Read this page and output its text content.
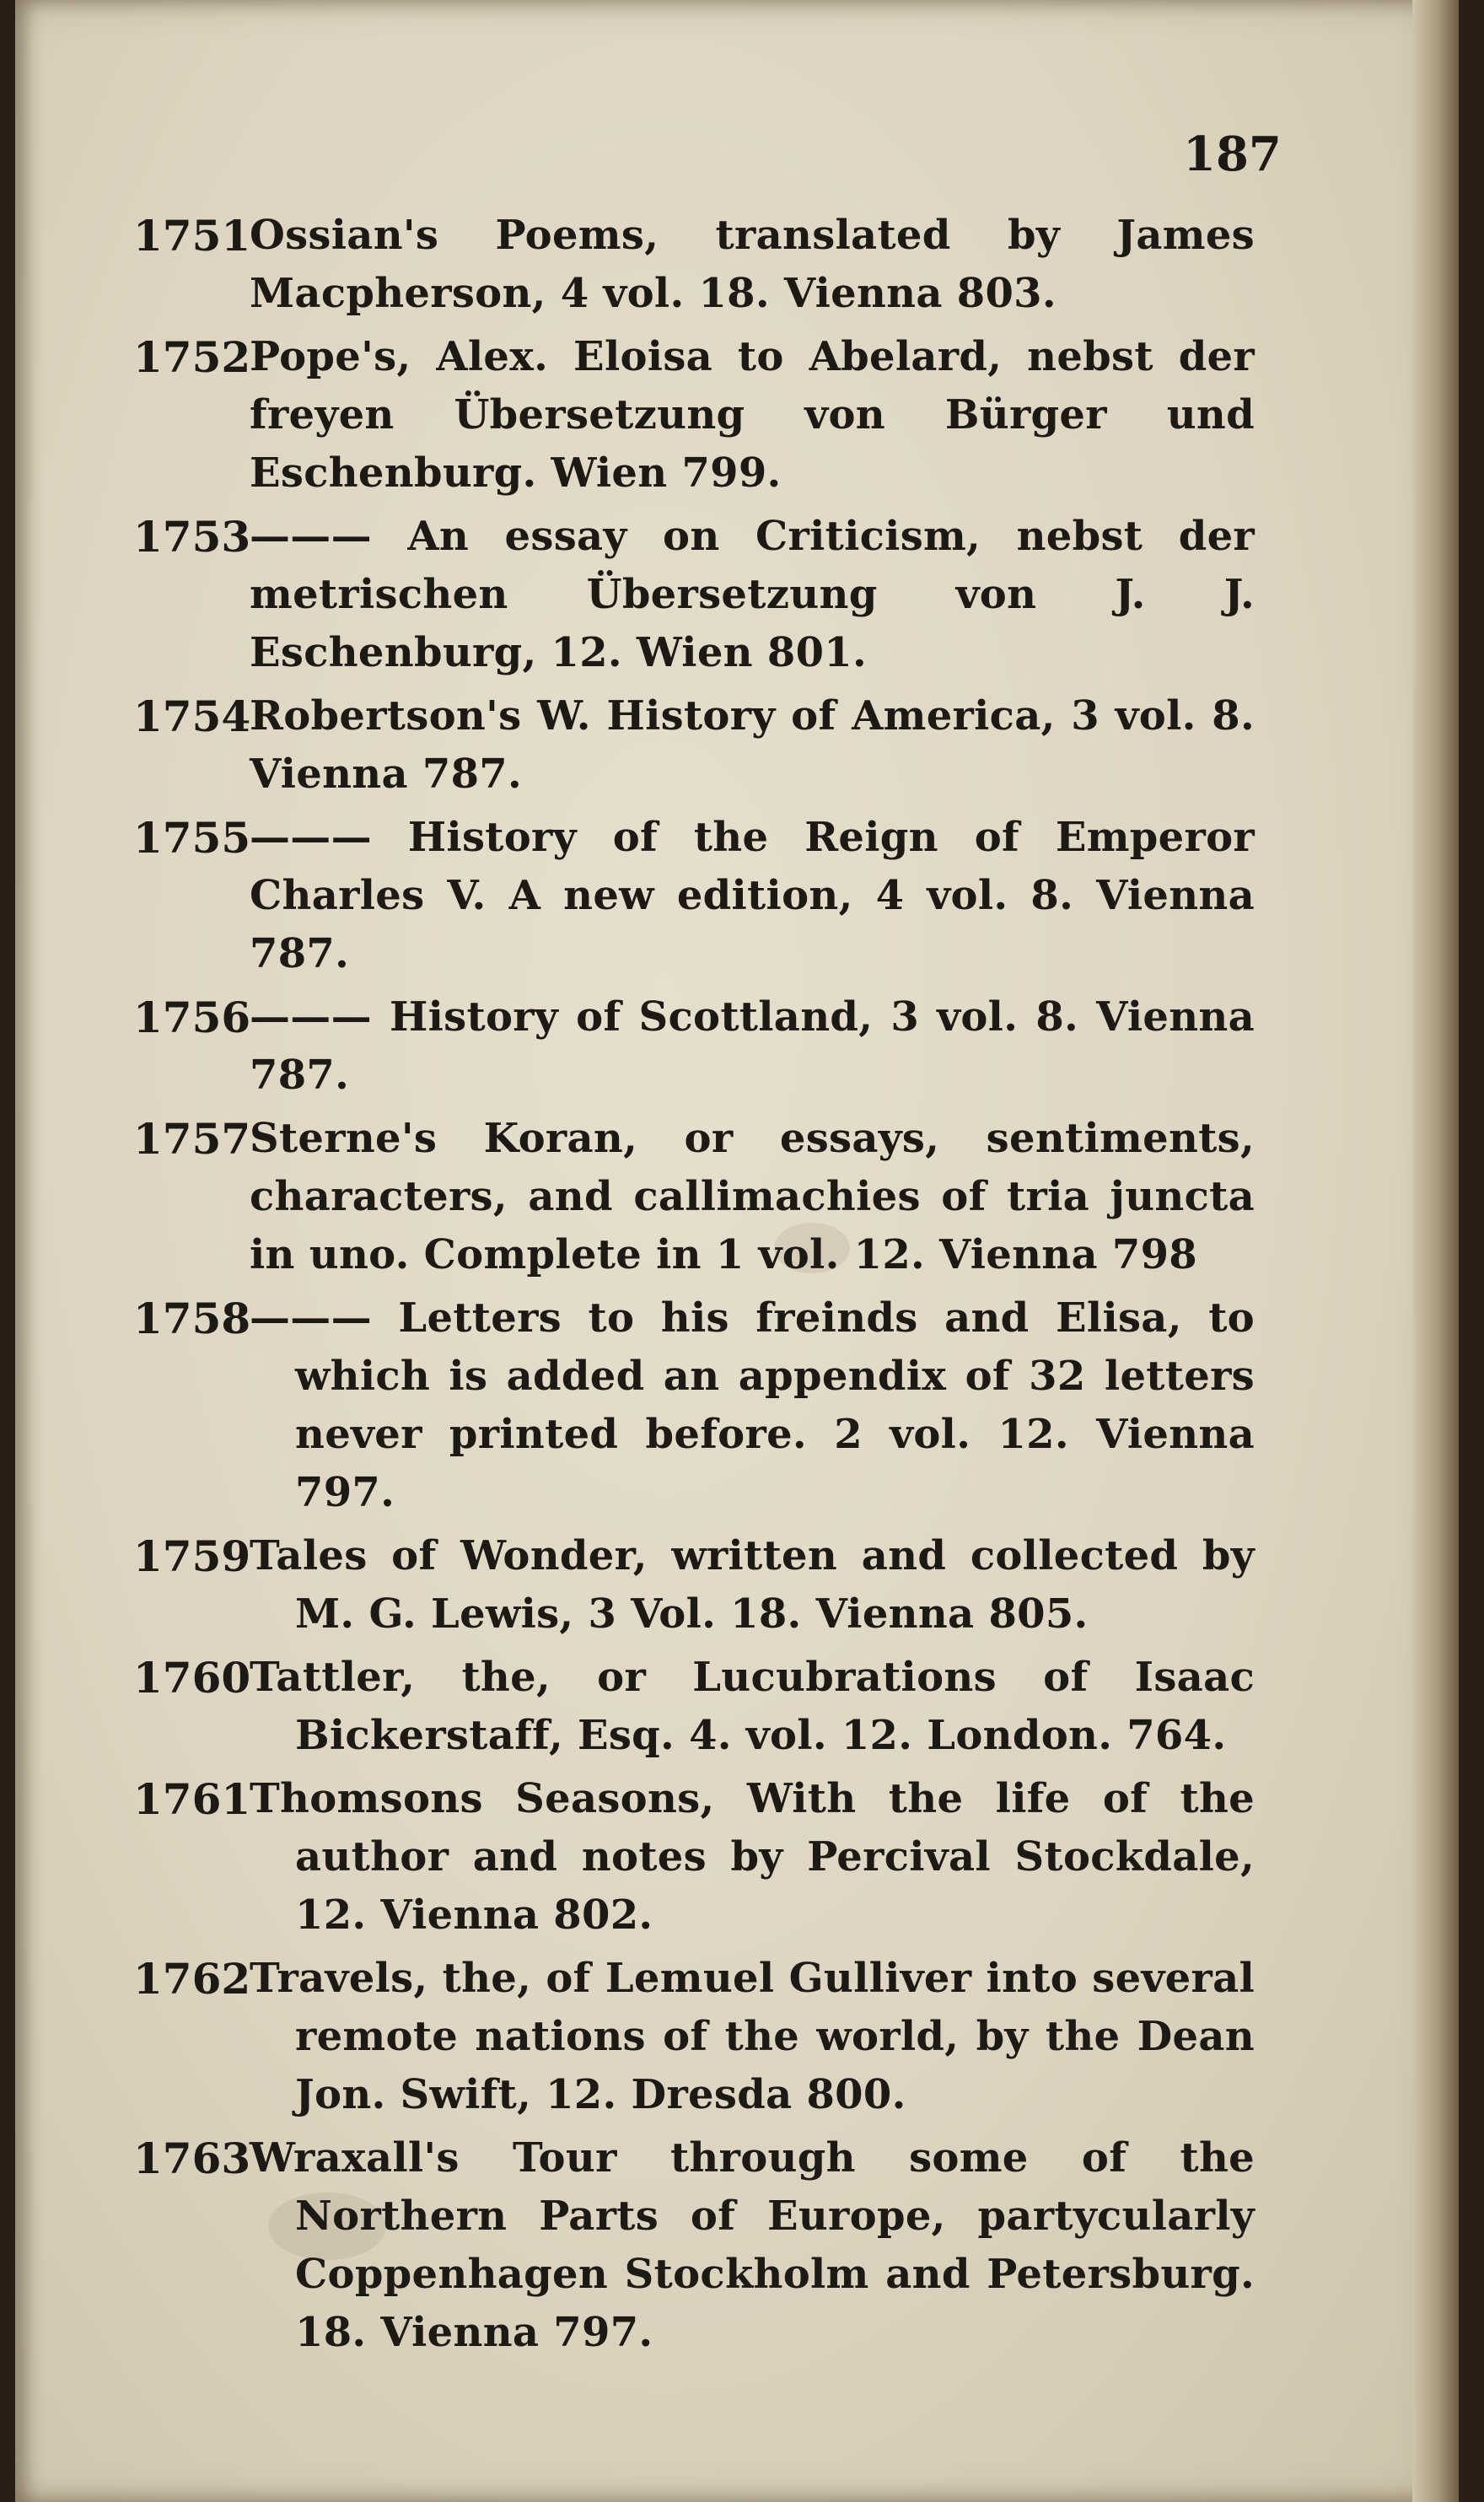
187
1751
Ossian's Poems, translated by James Macpherson, 4 vol. 18. Vienna 803.
1752
Pope's, Alex. Eloisa to Abelard, nebst der freyen Übersetzung von Bürger und Eschenburg. Wien 799.
1753
——— An essay on Criticism, nebst der metrischen Übersetzung von J. J. Eschenburg, 12. Wien 801.
1754
Robertson's W. History of America, 3 vol. 8. Vienna 787.
1755
——— History of the Reign of Emperor Charles V. A new edition, 4 vol. 8. Vienna 787.
1756
——— History of Scottland, 3 vol. 8. Vienna 787.
1757
Sterne's Koran, or essays, sentiments, characters, and callimachies of tria juncta in uno. Complete in 1 vol. 12. Vienna 798
1758
——— Letters to his freinds and Elisa, to which is added an appendix of 32 letters never printed before. 2 vol. 12. Vienna 797.
1759
Tales of Wonder, written and collected by M. G. Lewis, 3 Vol. 18. Vienna 805.
1760
Tattler, the, or Lucubrations of Isaac Bickerstaff, Esq. 4. vol. 12. London. 764.
1761
Thomsons Seasons, With the life of the author and notes by Percival Stockdale, 12. Vienna 802.
1762
Travels, the, of Lemuel Gulliver into several remote nations of the world, by the Dean Jon. Swift, 12. Dresda 800.
1763
Wraxall's Tour through some of the Northern Parts of Europe, partycularly Coppenhagen Stockholm and Petersburg. 18. Vienna 797.
